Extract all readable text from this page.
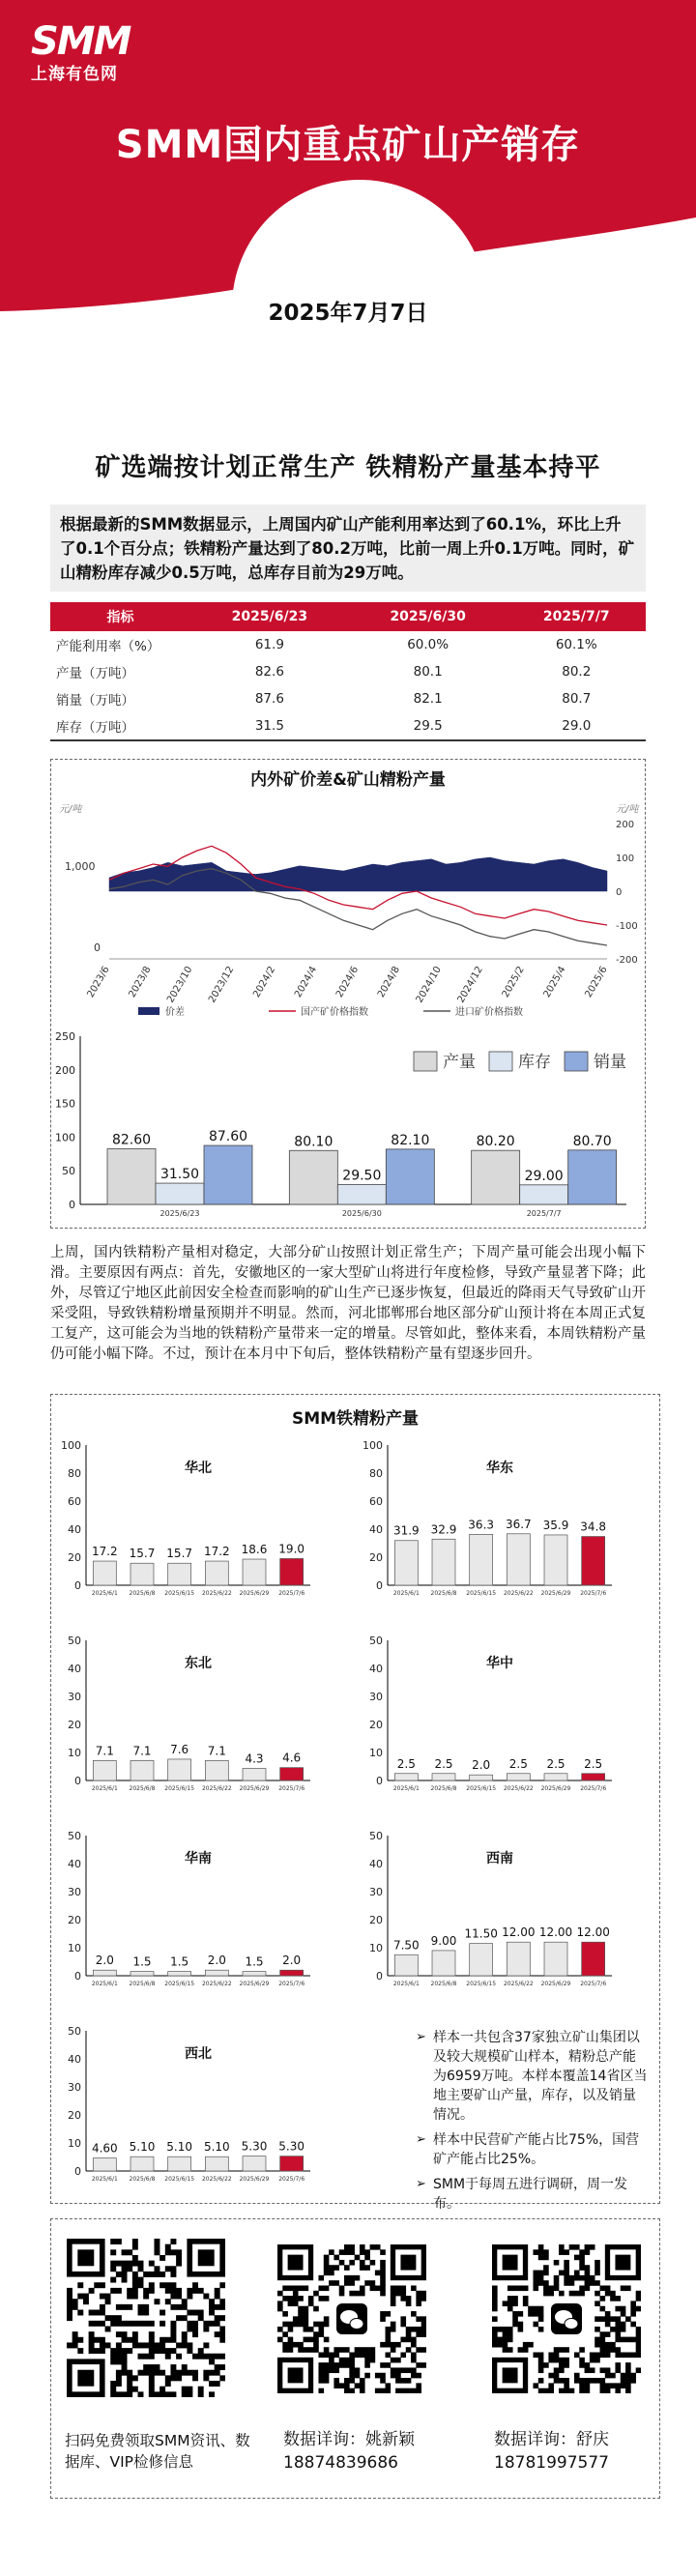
SMM
上海有色网
SMM国内重点矿山产销存
2025年7月7日
矿选端按计划正常生产 铁精粉产量基本持平
根据最新的SMM数据显示，上周国内矿山产能利用率达到了60.1%，环比上升了0.1个百分点；铁精粉产量达到了80.2万吨，比前一周上升0.1万吨。同时，矿山精粉库存减少0.5万吨，总库存目前为29万吨。
指标	2025/6/23	2025/6/30	2025/7/7
产能利用率（%）	61.9	60.0%	60.1%
产量（万吨）	82.6	80.1	80.2
销量（万吨）	87.6	82.1	80.7
库存（万吨）	31.5	29.5	29.0
内外矿价差&矿山精粉产量
元/吨	元/吨
200
100
0
-100
-200
1,000
0
2023/6 2023/8 2023/10 2023/12 2024/2 2024/4 2024/6 2024/8 2024/10 2024/12 2025/2 2025/4 2025/6
价差	国产矿价格指数	进口矿价格指数
0
50
100
150
200
250
82.60
31.50
87.60
2025/6/23
80.10
29.50
82.10
2025/6/30
80.20
29.00
80.70
2025/7/7
产量	库存	销量
上周，国内铁精粉产量相对稳定，大部分矿山按照计划正常生产；下周产量可能会出现小幅下滑。主要原因有两点：首先，安徽地区的一家大型矿山将进行年度检修，导致产量显著下降；此外，尽管辽宁地区此前因安全检查而影响的矿山生产已逐步恢复，但最近的降雨天气导致矿山开采受阻，导致铁精粉增量预期并不明显。然而，河北邯郸邢台地区部分矿山预计将在本周正式复工复产，这可能会为当地的铁精粉产量带来一定的增量。尽管如此，整体来看，本周铁精粉产量仍可能小幅下降。不过，预计在本月中下旬后，整体铁精粉产量有望逐步回升。
SMM铁精粉产量
0
20
40
60
80
100
华北
17.2
2025/6/1
15.7
2025/6/8
15.7
2025/6/15
17.2
2025/6/22
18.6
2025/6/29
19.0
2025/7/6
0
20
40
60
80
100
华东
31.9
2025/6/1
32.9
2025/6/8
36.3
2025/6/15
36.7
2025/6/22
35.9
2025/6/29
34.8
2025/7/6
0
10
20
30
40
50
东北
7.1
2025/6/1
7.1
2025/6/8
7.6
2025/6/15
7.1
2025/6/22
4.3
2025/6/29
4.6
2025/7/6
0
10
20
30
40
50
华中
2.5
2025/6/1
2.5
2025/6/8
2.0
2025/6/15
2.5
2025/6/22
2.5
2025/6/29
2.5
2025/7/6
0
10
20
30
40
50
华南
2.0
2025/6/1
1.5
2025/6/8
1.5
2025/6/15
2.0
2025/6/22
1.5
2025/6/29
2.0
2025/7/6
0
10
20
30
40
50
西南
7.50
2025/6/1
9.00
2025/6/8
11.50
2025/6/15
12.00
2025/6/22
12.00
2025/6/29
12.00
2025/7/6
0
10
20
30
40
50
西北
4.60
2025/6/1
5.10
2025/6/8
5.10
2025/6/15
5.10
2025/6/22
5.30
2025/6/29
5.30
2025/7/6
➢ 样本一共包含37家独立矿山集团以及较大规模矿山样本，精粉总产能为6959万吨。本样本覆盖14省区当地主要矿山产量，库存，以及销量情况。
➢ 样本中民营矿产能占比75%，国营矿产能占比25%。
➢ SMM于每周五进行调研，周一发布。
扫码免费领取SMM资讯、数据库、VIP检修信息
数据详询：姚新颖
18874839686
数据详询：舒庆
18781997577
